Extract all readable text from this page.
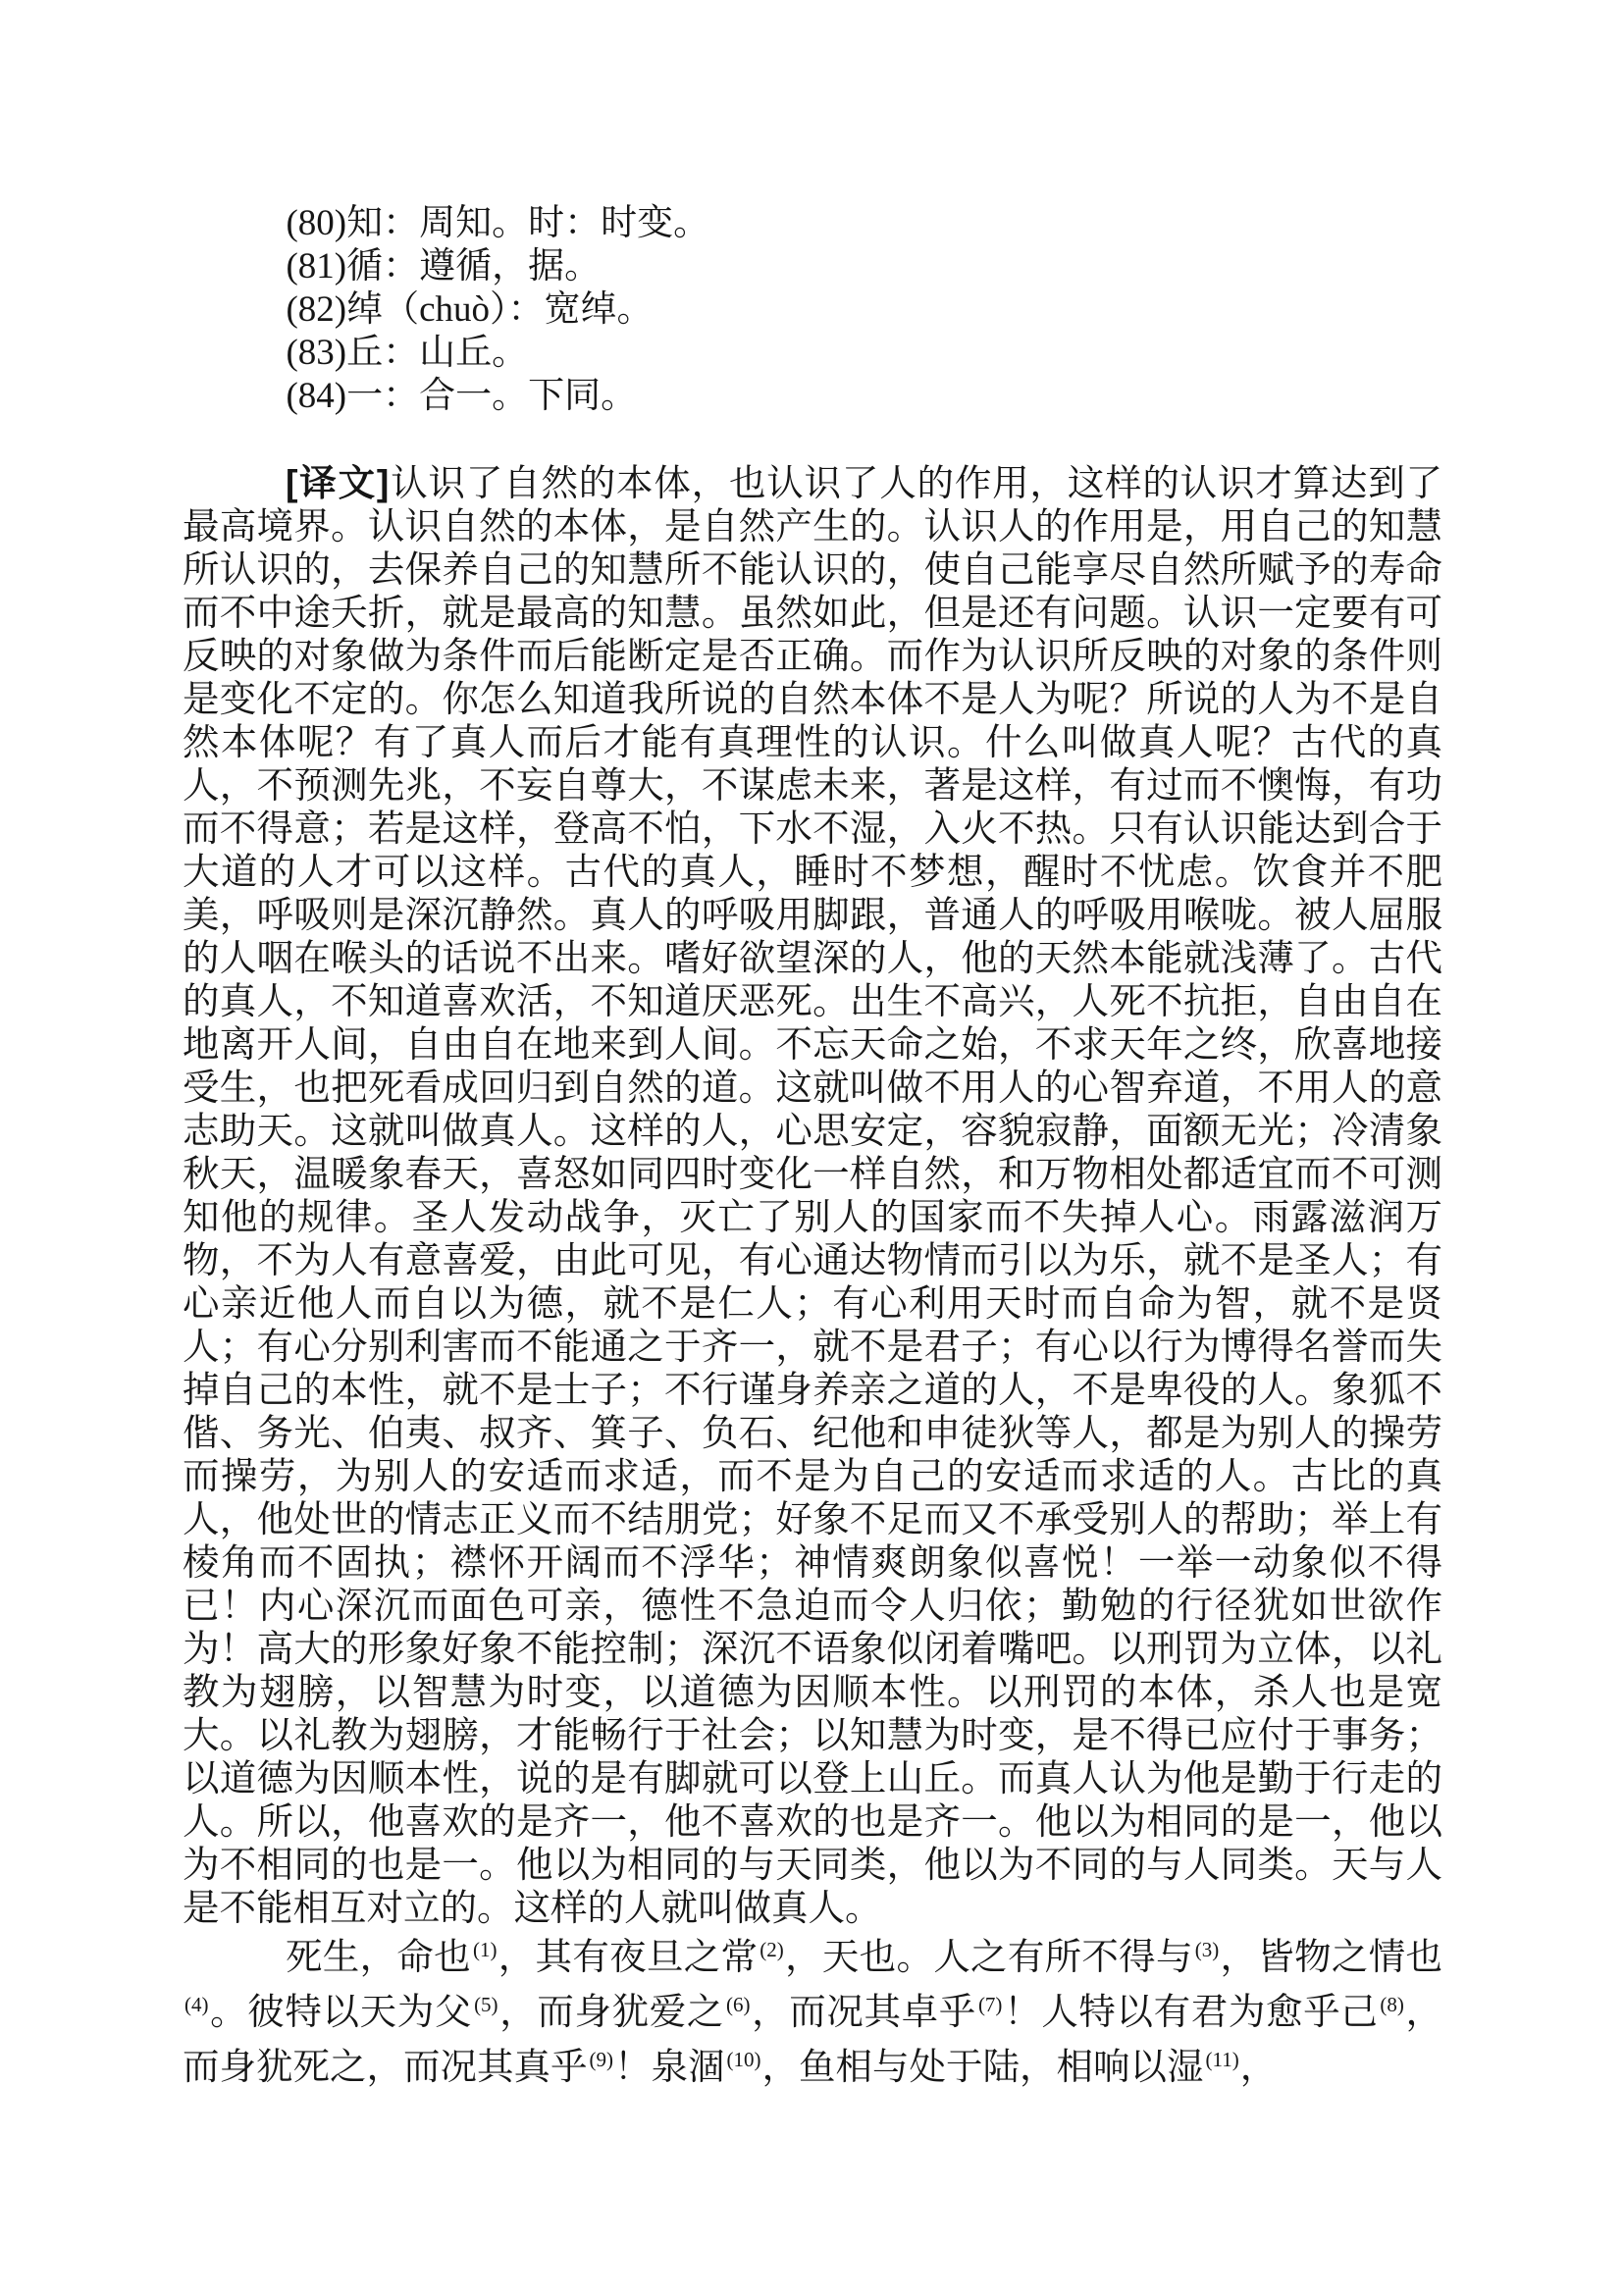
(80)知：周知。时：时变。

(81)循：遵循，据。

(82)绰（chuò）：宽绰。

(83)丘：山丘。

(84)一：合一。下同。

[译文]认识了自然的本体，也认识了人的作用，这样的认识才算达到了最高境界。认识自然的本体，是自然产生的。认识人的作用是，用自己的知慧所认识的，去保养自己的知慧所不能认识的，使自己能享尽自然所赋予的寿命而不中途夭折，就是最高的知慧。虽然如此，但是还有问题。认识一定要有可反映的对象做为条件而后能断定是否正确。而作为认识所反映的对象的条件则是变化不定的。你怎么知道我所说的自然本体不是人为呢？所说的人为不是自然本体呢？有了真人而后才能有真理性的认识。什么叫做真人呢？古代的真人，不预测先兆，不妄自尊大，不谋虑未来，著是这样，有过而不懊悔，有功而不得意；若是这样，登高不怕，下水不湿，入火不热。只有认识能达到合于大道的人才可以这样。古代的真人，睡时不梦想，醒时不忧虑。饮食并不肥美，呼吸则是深沉静然。真人的呼吸用脚跟，普通人的呼吸用喉咙。被人屈服的人咽在喉头的话说不出来。嗜好欲望深的人，他的天然本能就浅薄了。古代的真人，不知道喜欢活，不知道厌恶死。出生不高兴，人死不抗拒，自由自在地离开人间，自由自在地来到人间。不忘天命之始，不求天年之终，欣喜地接受生，也把死看成回归到自然的道。这就叫做不用人的心智弃道，不用人的意志助天。这就叫做真人。这样的人，心思安定，容貌寂静，面额无光；冷清象秋天，温暖象春天，喜怒如同四时变化一样自然，和万物相处都适宜而不可测知他的规律。圣人发动战争，灭亡了别人的国家而不失掉人心。雨露滋润万物，不为人有意喜爱，由此可见，有心通达物情而引以为乐，就不是圣人；有心亲近他人而自以为德，就不是仁人；有心利用天时而自命为智，就不是贤人；有心分别利害而不能通之于齐一，就不是君子；有心以行为博得名誉而失掉自己的本性，就不是士子；不行谨身养亲之道的人，不是卑役的人。象狐不偕、务光、伯夷、叔齐、箕子、负石、纪他和申徒狄等人，都是为别人的操劳而操劳，为别人的安适而求适，而不是为自己的安适而求适的人。古比的真人，他处世的情志正义而不结朋党；好象不足而又不承受别人的帮助；举上有棱角而不固执；襟怀开阔而不浮华；神情爽朗象似喜悦！一举一动象似不得已！内心深沉而面色可亲，德性不急迫而令人归依；勤勉的行径犹如世欲作为！高大的形象好象不能控制；深沉不语象似闭着嘴吧。以刑罚为立体，以礼教为翅膀，以智慧为时变，以道德为因顺本性。以刑罚的本体，杀人也是宽大。以礼教为翅膀，才能畅行于社会；以知慧为时变，是不得已应付于事务；以道德为因顺本性，说的是有脚就可以登上山丘。而真人认为他是勤于行走的人。所以，他喜欢的是齐一，他不喜欢的也是齐一。他以为相同的是一，他以为不相同的也是一。他以为相同的与天同类，他以为不同的与人同类。天与人是不能相互对立的。这样的人就叫做真人。

死生，命也$^{(1)}$，其有夜旦之常$^{(2)}$，天也。人之有所不得与$^{(3)}$，皆物之情也$^{(4)}$。彼特以天为父$^{(5)}$，而身犹爱之$^{(6)}$，而况其卓乎$^{(7)}$！人特以有君为愈乎己$^{(8)}$，而身犹死之，而况其真乎$^{(9)}$！泉涸$^{(10)}$，鱼相与处于陆，相响以湿$^{(11)}$，
